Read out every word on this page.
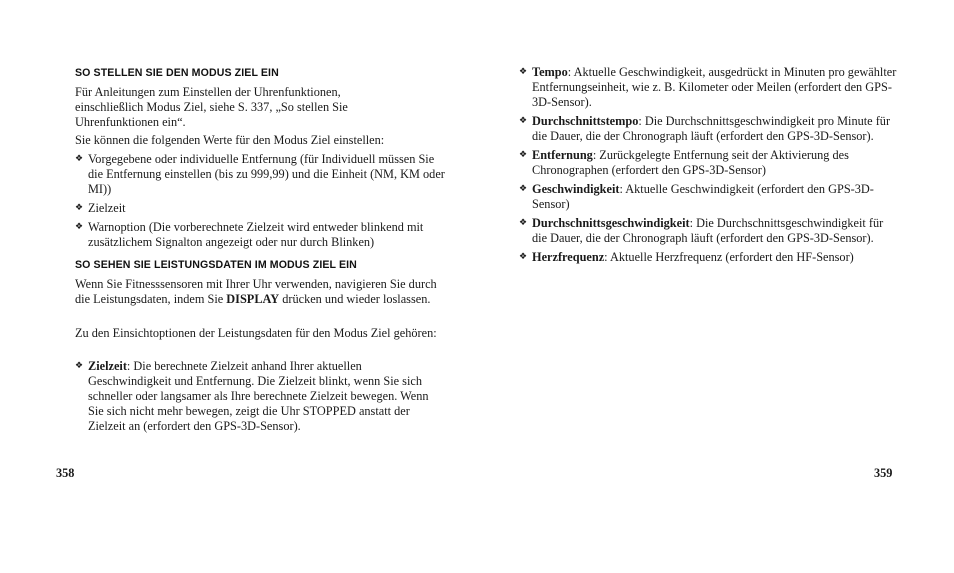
SO STELLEN SIE DEN MODUS ZIEL EIN

Für Anleitungen zum Einstellen der Uhrenfunktionen, einschließlich Modus Ziel, siehe S. 337, „So stellen Sie Uhrenfunktionen ein“.

Sie können die folgenden Werte für den Modus Ziel einstellen:

❖ Vorgegebene oder individuelle Entfernung (für Individuell müssen Sie die Entfernung einstellen (bis zu 999,99) und die Einheit (NM, KM oder MI))
❖ Zielzeit
❖ Warnoption (Die vorberechnete Zielzeit wird entweder blinkend mit zusätzlichem Signalton angezeigt oder nur durch Blinken)
SO SEHEN SIE LEISTUNGSDATEN IM MODUS ZIEL EIN

Wenn Sie Fitnesssensoren mit Ihrer Uhr verwenden, navigieren Sie durch die Leistungsdaten, indem Sie DISPLAY drücken und wieder loslassen.

Zu den Einsichtoptionen der Leistungsdaten für den Modus Ziel gehören:

❖ Zielzeit: Die berechnete Zielzeit anhand Ihrer aktuellen Geschwindigkeit und Entfernung. Die Zielzeit blinkt, wenn Sie sich schneller oder langsamer als Ihre berechnete Zielzeit bewegen. Wenn Sie sich nicht mehr bewegen, zeigt die Uhr STOPPED anstatt der Zielzeit an (erfordert den GPS-3D-Sensor).
358
❖ Tempo: Aktuelle Geschwindigkeit, ausgedrückt in Minuten pro gewählter Entfernungseinheit, wie z. B. Kilometer oder Meilen (erfordert den GPS-3D-Sensor).
❖ Durchschnittstempo: Die Durchschnittsgeschwindigkeit pro Minute für die Dauer, die der Chronograph läuft (erfordert den GPS-3D-Sensor).
❖ Entfernung: Zurückgelegte Entfernung seit der Aktivierung des Chronographen (erfordert den GPS-3D-Sensor)
❖ Geschwindigkeit: Aktuelle Geschwindigkeit (erfordert den GPS-3D-Sensor)
❖ Durchschnittsgeschwindigkeit: Die Durchschnittsgeschwindigkeit für die Dauer, die der Chronograph läuft (erfordert den GPS-3D-Sensor).
❖ Herzfrequenz: Aktuelle Herzfrequenz (erfordert den HF-Sensor)
359
